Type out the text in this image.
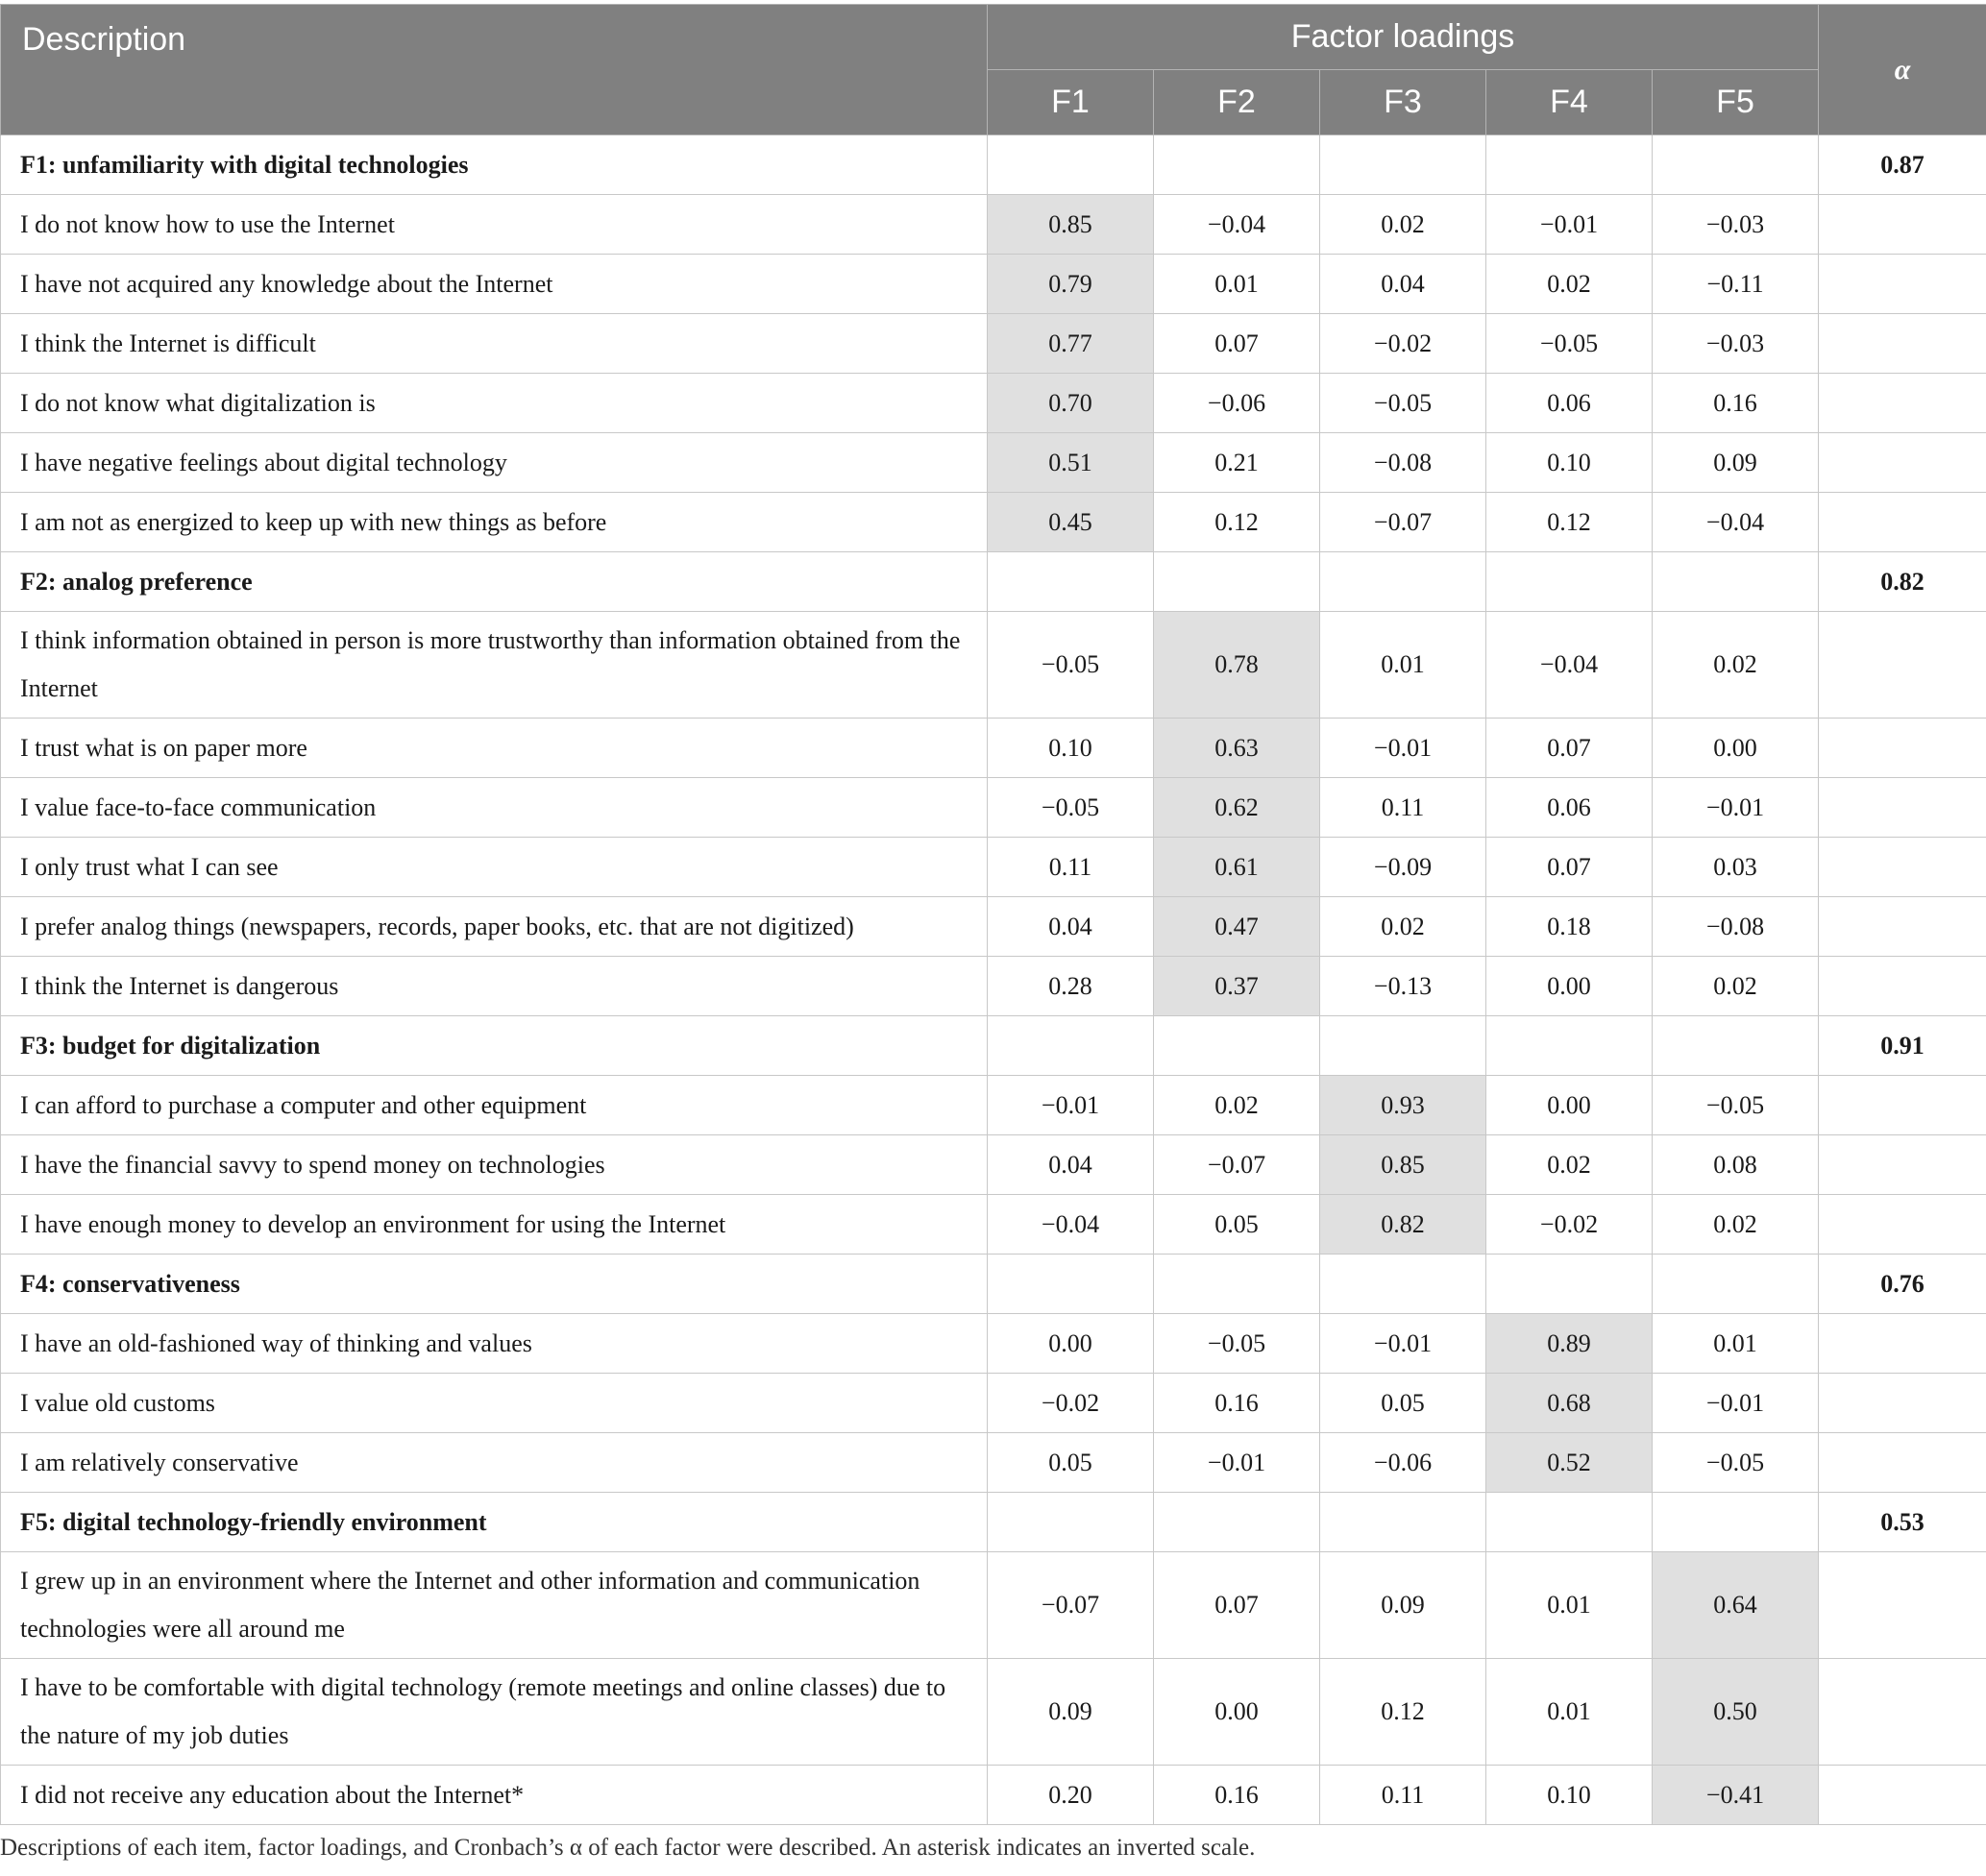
Description	Factor loadings					α
	F1	F2	F3	F4	F5	
F1: unfamiliarity with digital technologies						0.87
I do not know how to use the Internet	0.85	−0.04	0.02	−0.01	−0.03	
I have not acquired any knowledge about the Internet	0.79	0.01	0.04	0.02	−0.11	
I think the Internet is difficult	0.77	0.07	−0.02	−0.05	−0.03	
I do not know what digitalization is	0.70	−0.06	−0.05	0.06	0.16	
I have negative feelings about digital technology	0.51	0.21	−0.08	0.10	0.09	
I am not as energized to keep up with new things as before	0.45	0.12	−0.07	0.12	−0.04	
F2: analog preference						0.82
I think information obtained in person is more trustworthy than information obtained from the Internet	−0.05	0.78	0.01	−0.04	0.02	
I trust what is on paper more	0.10	0.63	−0.01	0.07	0.00	
I value face-to-face communication	−0.05	0.62	0.11	0.06	−0.01	
I only trust what I can see	0.11	0.61	−0.09	0.07	0.03	
I prefer analog things (newspapers, records, paper books, etc. that are not digitized)	0.04	0.47	0.02	0.18	−0.08	
I think the Internet is dangerous	0.28	0.37	−0.13	0.00	0.02	
F3: budget for digitalization						0.91
I can afford to purchase a computer and other equipment	−0.01	0.02	0.93	0.00	−0.05	
I have the financial savvy to spend money on technologies	0.04	−0.07	0.85	0.02	0.08	
I have enough money to develop an environment for using the Internet	−0.04	0.05	0.82	−0.02	0.02	
F4: conservativeness						0.76
I have an old-fashioned way of thinking and values	0.00	−0.05	−0.01	0.89	0.01	
I value old customs	−0.02	0.16	0.05	0.68	−0.01	
I am relatively conservative	0.05	−0.01	−0.06	0.52	−0.05	
F5: digital technology-friendly environment						0.53
I grew up in an environment where the Internet and other information and communication technologies were all around me	−0.07	0.07	0.09	0.01	0.64	
I have to be comfortable with digital technology (remote meetings and online classes) due to the nature of my job duties	0.09	0.00	0.12	0.01	0.50	
I did not receive any education about the Internet*	0.20	0.16	0.11	0.10	−0.41	
Descriptions of each item, factor loadings, and Cronbach’s α of each factor were described. An asterisk indicates an inverted scale.
